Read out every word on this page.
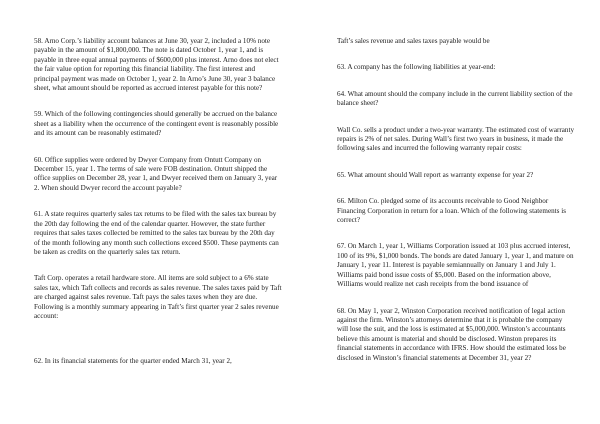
58. Arno Corp.’s liability account balances at June 30, year 2, included a 10% note payable in the amount of $1,800,000. The note is dated October 1, year 1, and is payable in three equal annual payments of $600,000 plus interest. Arno does not elect the fair value option for reporting this financial liability. The first interest and principal payment was made on October 1, year 2. In Arno’s June 30, year 3 balance sheet, what amount should be reported as accrued interest payable for this note?

59. Which of the following contingencies should generally be accrued on the balance sheet as a liability when the occurrence of the contingent event is reasonably possible and its amount can be reasonably estimated?

60. Office supplies were ordered by Dwyer Company from Ontutt Company on December 15, year 1. The terms of sale were FOB destination. Ontutt shipped the office supplies on December 28, year 1, and Dwyer received them on January 3, year 2. When should Dwyer record the account payable?

61. A state requires quarterly sales tax returns to be filed with the sales tax bureau by the 20th day following the end of the calendar quarter. However, the state further requires that sales taxes collected be remitted to the sales tax bureau by the 20th day of the month following any month such collections exceed $500. These payments can be taken as credits on the quarterly sales tax return.

Taft Corp. operates a retail hardware store. All items are sold subject to a 6% state sales tax, which Taft collects and records as sales revenue. The sales taxes paid by Taft are charged against sales revenue. Taft pays the sales taxes when they are due. Following is a monthly summary appearing in Taft’s first quarter year 2 sales revenue account:

62. In its financial statements for the quarter ended March 31, year 2,

Taft’s sales revenue and sales taxes payable would be

63. A company has the following liabilities at year-end:

64. What amount should the company include in the current liability section of the balance sheet?

Wall Co. sells a product under a two-year warranty. The estimated cost of warranty repairs is 2% of net sales. During Wall’s first two years in business, it made the following sales and incurred the following warranty repair costs:

65. What amount should Wall report as warranty expense for year 2?

66. Milton Co. pledged some of its accounts receivable to Good Neighbor Financing Corporation in return for a loan. Which of the following statements is correct?

67. On March 1, year 1, Williams Corporation issued at 103 plus accrued interest, 100 of its 9%, $1,000 bonds. The bonds are dated January 1, year 1, and mature on January 1, year 11. Interest is payable semiannually on January 1 and July 1. Williams paid bond issue costs of $5,000. Based on the information above, Williams would realize net cash receipts from the bond issuance of

68. On May 1, year 2, Winston Corporation received notification of legal action against the firm. Winston’s attorneys determine that it is probable the company will lose the suit, and the loss is estimated at $5,000,000. Winston’s accountants believe this amount is material and should be disclosed. Winston prepares its financial statements in accordance with IFRS. How should the estimated loss be disclosed in Winston’s financial statements at December 31, year 2?
